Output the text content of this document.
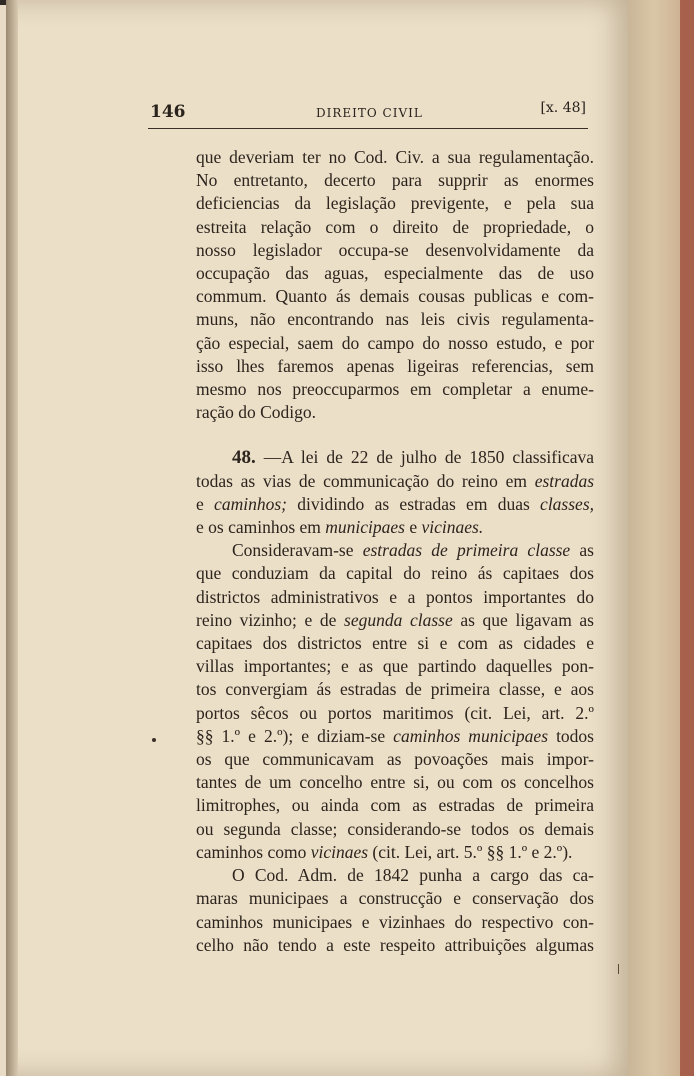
146	DIREITO CIVIL	[x. 48]
que deveriam ter no Cod. Civ. a sua regulamentação.
No entretanto, decerto para supprir as enormes
deficiencias da legislação previgente, e pela sua
estreita relação com o direito de propriedade, o
nosso legislador occupa-se desenvolvidamente da
occupação das aguas, especialmente das de uso
commum. Quanto ás demais cousas publicas e com-
muns, não encontrando nas leis civis regulamenta-
ção especial, saem do campo do nosso estudo, e por
isso lhes faremos apenas ligeiras referencias, sem
mesmo nos preoccuparmos em completar a enume-
ração do Codigo.
48. —A lei de 22 de julho de 1850 classificava
todas as vias de communicação do reino em estradas
e caminhos; dividindo as estradas em duas classes,
e os caminhos em municipaes e vicinaes.
Consideravam-se estradas de primeira classe as
que conduziam da capital do reino ás capitaes dos
districtos administrativos e a pontos importantes do
reino vizinho; e de segunda classe as que ligavam as
capitaes dos districtos entre si e com as cidades e
villas importantes; e as que partindo daquelles pon-
tos convergiam ás estradas de primeira classe, e aos
portos sêcos ou portos maritimos (cit. Lei, art. 2.º
§§ 1.º e 2.º); e diziam-se caminhos municipaes todos
os que communicavam as povoações mais impor-
tantes de um concelho entre si, ou com os concelhos
limitrophes, ou ainda com as estradas de primeira
ou segunda classe; considerando-se todos os demais
caminhos como vicinaes (cit. Lei, art. 5.º §§ 1.º e 2.º).
O Cod. Adm. de 1842 punha a cargo das ca-
maras municipaes a construcção e conservação dos
caminhos municipaes e vizinhaes do respectivo con-
celho não tendo a este respeito attribuições algumas
